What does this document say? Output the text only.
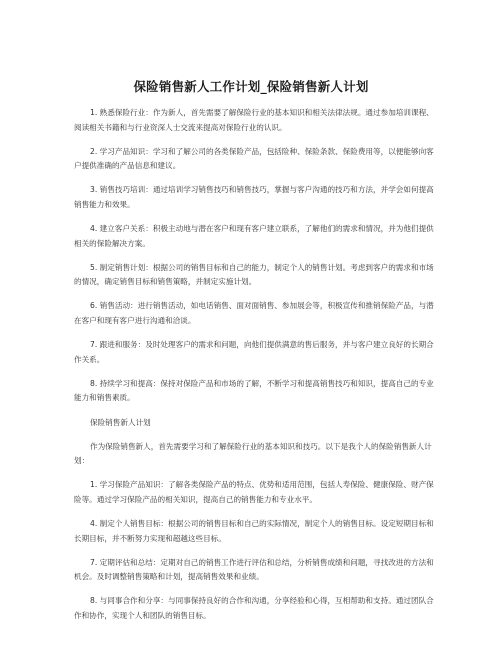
保险销售新人工作计划_保险销售新人计划

1. 熟悉保险行业：作为新人，首先需要了解保险行业的基本知识和相关法律法规。通过参加培训课程、阅读相关书籍和与行业资深人士交流来提高对保险行业的认识。

2. 学习产品知识：学习和了解公司的各类保险产品，包括险种、保险条款、保险费用等，以便能够向客户提供准确的产品信息和建议。

3. 销售技巧培训：通过培训学习销售技巧和销售技巧，掌握与客户沟通的技巧和方法，并学会如何提高销售能力和效果。

4. 建立客户关系：积极主动地与潜在客户和现有客户建立联系，了解他们的需求和情况，并为他们提供相关的保险解决方案。

5. 制定销售计划：根据公司的销售目标和自己的能力，制定个人的销售计划。考虑到客户的需求和市场的情况，确定销售目标和销售策略，并制定实施计划。

6. 销售活动：进行销售活动，如电话销售、面对面销售、参加展会等，积极宣传和推销保险产品，与潜在客户和现有客户进行沟通和洽谈。

7. 跟进和服务：及时处理客户的需求和问题，向他们提供满意的售后服务，并与客户建立良好的长期合作关系。

8. 持续学习和提高：保持对保险产品和市场的了解，不断学习和提高销售技巧和知识，提高自己的专业能力和销售素质。

保险销售新人计划

作为保险销售新人，首先需要学习和了解保险行业的基本知识和技巧。以下是我个人的保险销售新人计划：

1. 学习保险产品知识：了解各类保险产品的特点、优势和适用范围，包括人寿保险、健康保险、财产保险等。通过学习保险产品的相关知识，提高自己的销售能力和专业水平。

4. 制定个人销售目标：根据公司的销售目标和自己的实际情况，制定个人的销售目标。设定短期目标和长期目标，并不断努力实现和超越这些目标。

7. 定期评估和总结：定期对自己的销售工作进行评估和总结，分析销售成绩和问题，寻找改进的方法和机会。及时调整销售策略和计划，提高销售效果和业绩。

8. 与同事合作和分享：与同事保持良好的合作和沟通，分享经验和心得，互相帮助和支持。通过团队合作和协作，实现个人和团队的销售目标。
